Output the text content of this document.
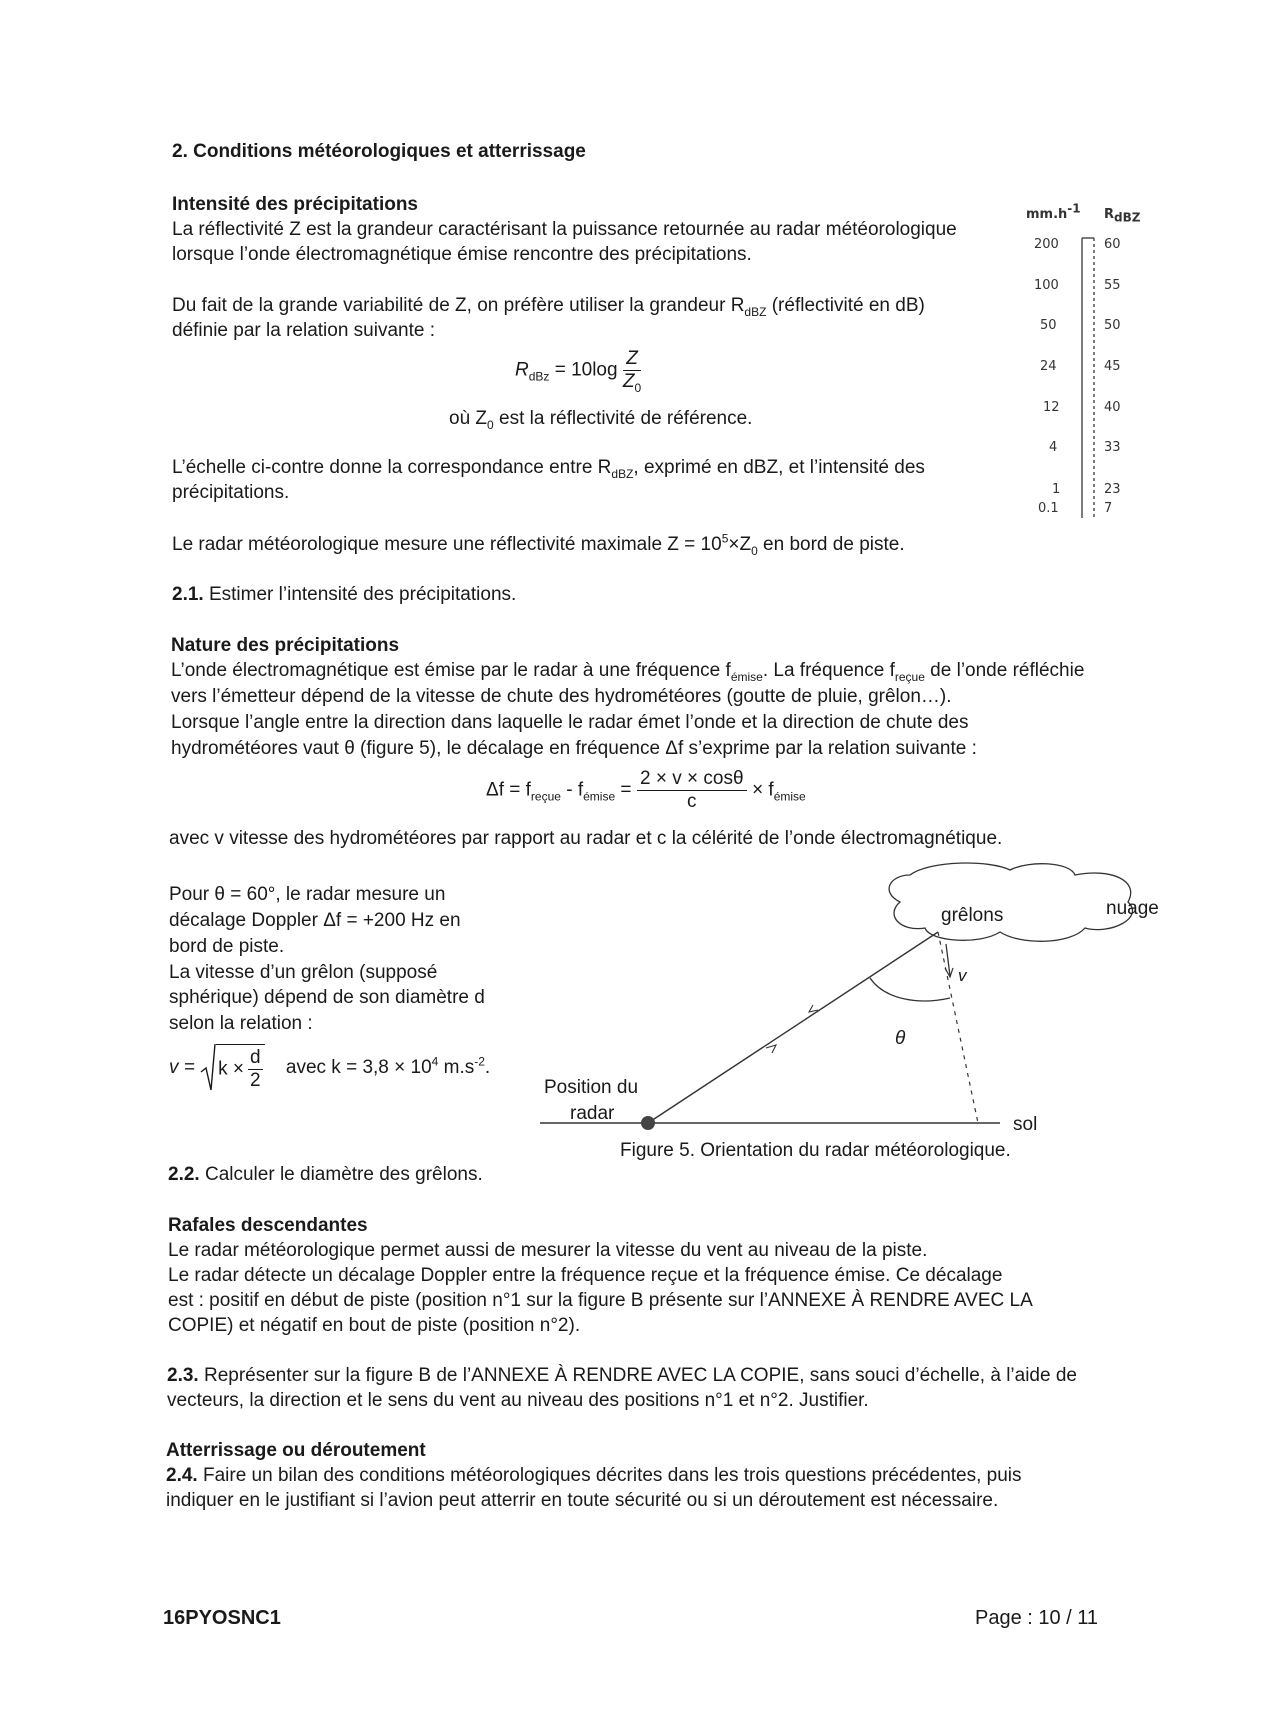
2. Conditions météorologiques et atterrissage
Intensité des précipitations
La réflectivité Z est la grandeur caractérisant la puissance retournée au radar météorologique
lorsque l’onde électromagnétique émise rencontre des précipitations.
Du fait de la grande variabilité de Z, on préfère utiliser la grandeur $R_{dBZ}$ (réflectivité en dB)
définie par la relation suivante :
$R_{dBz} = 10\log \frac{Z}{Z_0}$
où $Z_0$ est la réflectivité de référence.
L’échelle ci-contre donne la correspondance entre $R_{dBZ}$, exprimé en dBZ, et l’intensité des
précipitations.
Le radar météorologique mesure une réflectivité maximale $Z = 10^5\times Z_0$ en bord de piste.
$mm.h^{-1}$ $R_{dBZ}$
200
100
50
24
12
4
1
0.1
60
55
50
45
40
33
23
7
2.1. Estimer l’intensité des précipitations.
Nature des précipitations
L’onde électromagnétique est émise par le radar à une fréquence $f_{émise}$. La fréquence $f_{reçue}$ de l’onde réfléchie
vers l’émetteur dépend de la vitesse de chute des hydrométéores (goutte de pluie, grêlon…).
Lorsque l’angle entre la direction dans laquelle le radar émet l’onde et la direction de chute des
hydrométéores vaut θ (figure 5), le décalage en fréquence Δf s’exprime par la relation suivante :
$\Delta f = f_{reçue} - f_{émise} = \frac{2 \times v \times \cos\theta}{c} \times f_{émise}$
avec v vitesse des hydrométéores par rapport au radar et c la célérité de l’onde électromagnétique.
Pour θ = 60°, le radar mesure un
décalage Doppler Δf = +200 Hz en
bord de piste.
La vitesse d’un grêlon (supposé
sphérique) dépend de son diamètre d
selon la relation :
$v = k \times \frac{d}{2}$ avec $k = 3,8 \times 10^4$ $m.s^{-2}$.
nuage
grêlons
v
θ
Position du
radar
sol
Figure 5. Orientation du radar météorologique.
2.2. Calculer le diamètre des grêlons.
Rafales descendantes
Le radar météorologique permet aussi de mesurer la vitesse du vent au niveau de la piste.
Le radar détecte un décalage Doppler entre la fréquence reçue et la fréquence émise. Ce décalage
est : positif en début de piste (position n°1 sur la figure B présente sur l’ANNEXE À RENDRE AVEC LA
COPIE) et négatif en bout de piste (position n°2).
2.3. Représenter sur la figure B de l’ANNEXE À RENDRE AVEC LA COPIE, sans souci d’échelle, à l’aide de
vecteurs, la direction et le sens du vent au niveau des positions n°1 et n°2. Justifier.
Atterrissage ou déroutement
2.4. Faire un bilan des conditions météorologiques décrites dans les trois questions précédentes, puis
indiquer en le justifiant si l’avion peut atterrir en toute sécurité ou si un déroutement est nécessaire.
16PYOSNC1	Page : 10 / 11
